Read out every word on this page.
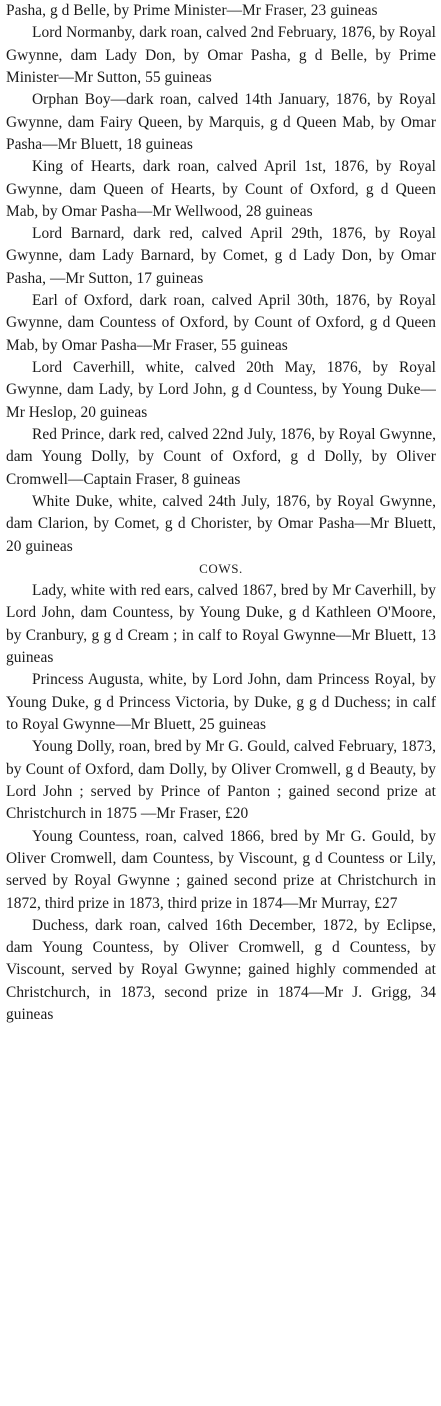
Pasha, g d Belle, by Prime Minister—Mr Fraser, 23 guineas

Lord Normanby, dark roan, calved 2nd February, 1876, by Royal Gwynne, dam Lady Don, by Omar Pasha, g d Belle, by Prime Minister—Mr Sutton, 55 guineas

Orphan Boy—dark roan, calved 14th January, 1876, by Royal Gwynne, dam Fairy Queen, by Marquis, g d Queen Mab, by Omar Pasha—Mr Bluett, 18 guineas

King of Hearts, dark roan, calved April 1st, 1876, by Royal Gwynne, dam Queen of Hearts, by Count of Oxford, g d Queen Mab, by Omar Pasha—Mr Wellwood, 28 guineas

Lord Barnard, dark red, calved April 29th, 1876, by Royal Gwynne, dam Lady Barnard, by Comet, g d Lady Don, by Omar Pasha, —Mr Sutton, 17 guineas

Earl of Oxford, dark roan, calved April 30th, 1876, by Royal Gwynne, dam Countess of Oxford, by Count of Oxford, g d Queen Mab, by Omar Pasha—Mr Fraser, 55 guineas

Lord Caverhill, white, calved 20th May, 1876, by Royal Gwynne, dam Lady, by Lord John, g d Countess, by Young Duke—Mr Heslop, 20 guineas

Red Prince, dark red, calved 22nd July, 1876, by Royal Gwynne, dam Young Dolly, by Count of Oxford, g d Dolly, by Oliver Cromwell—Captain Fraser, 8 guineas

White Duke, white, calved 24th July, 1876, by Royal Gwynne, dam Clarion, by Comet, g d Chorister, by Omar Pasha—Mr Bluett, 20 guineas

COWS.

Lady, white with red ears, calved 1867, bred by Mr Caverhill, by Lord John, dam Countess, by Young Duke, g d Kathleen O'Moore, by Cranbury, g g d Cream ; in calf to Royal Gwynne—Mr Bluett, 13 guineas

Princess Augusta, white, by Lord John, dam Princess Royal, by Young Duke, g d Princess Victoria, by Duke, g g d Duchess; in calf to Royal Gwynne—Mr Bluett, 25 guineas

Young Dolly, roan, bred by Mr G. Gould, calved February, 1873, by Count of Oxford, dam Dolly, by Oliver Cromwell, g d Beauty, by Lord John ; served by Prince of Panton ; gained second prize at Christchurch in 1875 —Mr Fraser, £20

Young Countess, roan, calved 1866, bred by Mr G. Gould, by Oliver Cromwell, dam Countess, by Viscount, g d Countess or Lily, served by Royal Gwynne ; gained second prize at Christchurch in 1872, third prize in 1873, third prize in 1874—Mr Murray, £27

Duchess, dark roan, calved 16th December, 1872, by Eclipse, dam Young Countess, by Oliver Cromwell, g d Countess, by Viscount, served by Royal Gwynne; gained highly commended at Christchurch, in 1873, second prize in 1874—Mr J. Grigg, 34 guineas
